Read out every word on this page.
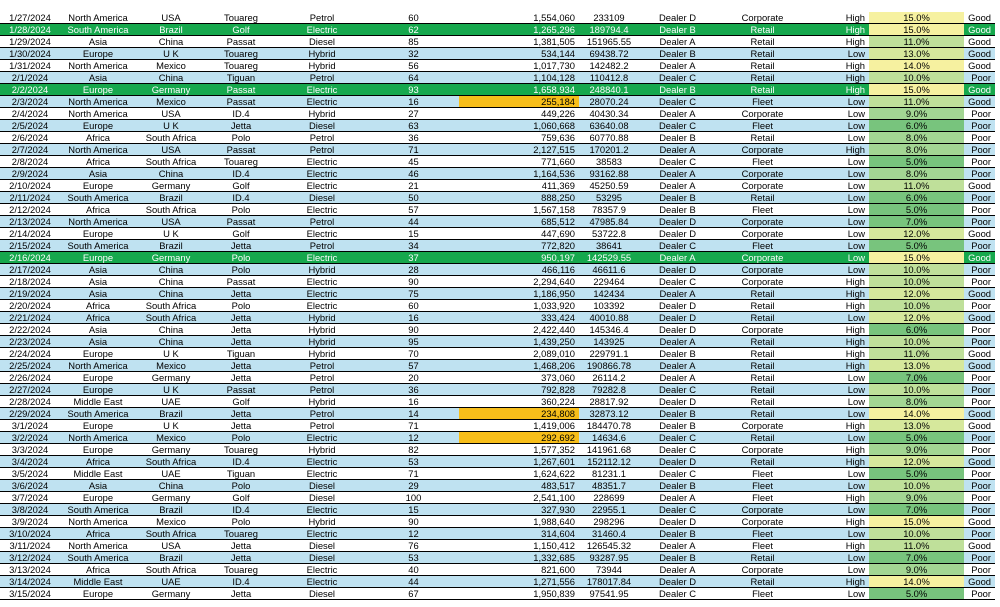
1/27/2024	North America	USA	Touareg	Petrol	60	1,554,060	233109	Dealer D	Corporate	High	15.0%	Good
1/28/2024	South America	Brazil	Golf	Electric	62	1,265,296	189794.4	Dealer B	Retail	High	15.0%	Good
1/29/2024	Asia	China	Passat	Diesel	85	1,381,505	151965.55	Dealer A	Retail	High	11.0%	Good
1/30/2024	Europe	U K	Touareg	Hybrid	32	534,144	69438.72	Dealer B	Retail	Low	13.0%	Good
1/31/2024	North America	Mexico	Touareg	Hybrid	56	1,017,730	142482.2	Dealer A	Retail	High	14.0%	Good
2/1/2024	Asia	China	Tiguan	Petrol	64	1,104,128	110412.8	Dealer C	Retail	High	10.0%	Poor
2/2/2024	Europe	Germany	Passat	Electric	93	1,658,934	248840.1	Dealer B	Retail	High	15.0%	Good
2/3/2024	North America	Mexico	Passat	Electric	16	255,184	28070.24	Dealer C	Fleet	Low	11.0%	Good
2/4/2024	North America	USA	ID.4	Hybrid	27	449,226	40430.34	Dealer A	Corporate	Low	9.0%	Poor
2/5/2024	Europe	U K	Jetta	Diesel	63	1,060,668	63640.08	Dealer C	Fleet	Low	6.0%	Poor
2/6/2024	Africa	South Africa	Polo	Petrol	36	759,636	60770.88	Dealer B	Retail	Low	8.0%	Poor
2/7/2024	North America	USA	Passat	Petrol	71	2,127,515	170201.2	Dealer A	Corporate	High	8.0%	Poor
2/8/2024	Africa	South Africa	Touareg	Electric	45	771,660	38583	Dealer C	Fleet	Low	5.0%	Poor
2/9/2024	Asia	China	ID.4	Electric	46	1,164,536	93162.88	Dealer A	Corporate	Low	8.0%	Poor
2/10/2024	Europe	Germany	Golf	Electric	21	411,369	45250.59	Dealer A	Corporate	Low	11.0%	Good
2/11/2024	South America	Brazil	ID.4	Diesel	50	888,250	53295	Dealer B	Retail	Low	6.0%	Poor
2/12/2024	Africa	South Africa	Polo	Electric	57	1,567,158	78357.9	Dealer B	Fleet	Low	5.0%	Poor
2/13/2024	North America	USA	Passat	Petrol	44	685,512	47985.84	Dealer D	Corporate	Low	7.0%	Poor
2/14/2024	Europe	U K	Golf	Electric	15	447,690	53722.8	Dealer D	Corporate	Low	12.0%	Good
2/15/2024	South America	Brazil	Jetta	Petrol	34	772,820	38641	Dealer C	Fleet	Low	5.0%	Poor
2/16/2024	Europe	Germany	Polo	Electric	37	950,197	142529.55	Dealer A	Corporate	Low	15.0%	Good
2/17/2024	Asia	China	Polo	Hybrid	28	466,116	46611.6	Dealer D	Corporate	Low	10.0%	Poor
2/18/2024	Asia	China	Passat	Electric	90	2,294,640	229464	Dealer C	Corporate	High	10.0%	Poor
2/19/2024	Asia	China	Jetta	Electric	75	1,186,950	142434	Dealer A	Retail	High	12.0%	Good
2/20/2024	Africa	South Africa	Polo	Electric	60	1,033,920	103392	Dealer D	Retail	High	10.0%	Poor
2/21/2024	Africa	South Africa	Jetta	Hybrid	16	333,424	40010.88	Dealer D	Retail	Low	12.0%	Good
2/22/2024	Asia	China	Jetta	Hybrid	90	2,422,440	145346.4	Dealer D	Corporate	High	6.0%	Poor
2/23/2024	Asia	China	Jetta	Hybrid	95	1,439,250	143925	Dealer A	Retail	High	10.0%	Poor
2/24/2024	Europe	U K	Tiguan	Hybrid	70	2,089,010	229791.1	Dealer B	Retail	High	11.0%	Good
2/25/2024	North America	Mexico	Jetta	Petrol	57	1,468,206	190866.78	Dealer A	Retail	High	13.0%	Good
2/26/2024	Europe	Germany	Jetta	Petrol	20	373,060	26114.2	Dealer A	Retail	Low	7.0%	Poor
2/27/2024	Europe	U K	Passat	Petrol	36	792,828	79282.8	Dealer C	Retail	Low	10.0%	Poor
2/28/2024	Middle East	UAE	Golf	Hybrid	16	360,224	28817.92	Dealer D	Retail	Low	8.0%	Poor
2/29/2024	South America	Brazil	Jetta	Petrol	14	234,808	32873.12	Dealer B	Retail	Low	14.0%	Good
3/1/2024	Europe	U K	Jetta	Petrol	71	1,419,006	184470.78	Dealer B	Corporate	High	13.0%	Good
3/2/2024	North America	Mexico	Polo	Electric	12	292,692	14634.6	Dealer C	Retail	Low	5.0%	Poor
3/3/2024	Europe	Germany	Touareg	Hybrid	82	1,577,352	141961.68	Dealer C	Corporate	High	9.0%	Poor
3/4/2024	Africa	South Africa	ID.4	Electric	53	1,267,601	152112.12	Dealer D	Retail	High	12.0%	Good
3/5/2024	Middle East	UAE	Tiguan	Electric	71	1,624,622	81231.1	Dealer C	Fleet	Low	5.0%	Poor
3/6/2024	Asia	China	Polo	Diesel	29	483,517	48351.7	Dealer B	Fleet	Low	10.0%	Poor
3/7/2024	Europe	Germany	Golf	Diesel	100	2,541,100	228699	Dealer A	Fleet	High	9.0%	Poor
3/8/2024	South America	Brazil	ID.4	Electric	15	327,930	22955.1	Dealer C	Corporate	Low	7.0%	Poor
3/9/2024	North America	Mexico	Polo	Hybrid	90	1,988,640	298296	Dealer D	Corporate	High	15.0%	Good
3/10/2024	Africa	South Africa	Touareg	Electric	12	314,604	31460.4	Dealer B	Fleet	Low	10.0%	Poor
3/11/2024	North America	USA	Jetta	Diesel	76	1,150,412	126545.32	Dealer A	Fleet	High	11.0%	Good
3/12/2024	South America	Brazil	Jetta	Diesel	53	1,332,685	93287.95	Dealer B	Retail	Low	7.0%	Poor
3/13/2024	Africa	South Africa	Touareg	Electric	40	821,600	73944	Dealer A	Corporate	Low	9.0%	Poor
3/14/2024	Middle East	UAE	ID.4	Electric	44	1,271,556	178017.84	Dealer D	Retail	High	14.0%	Good
3/15/2024	Europe	Germany	Jetta	Diesel	67	1,950,839	97541.95	Dealer C	Fleet	Low	5.0%	Poor
